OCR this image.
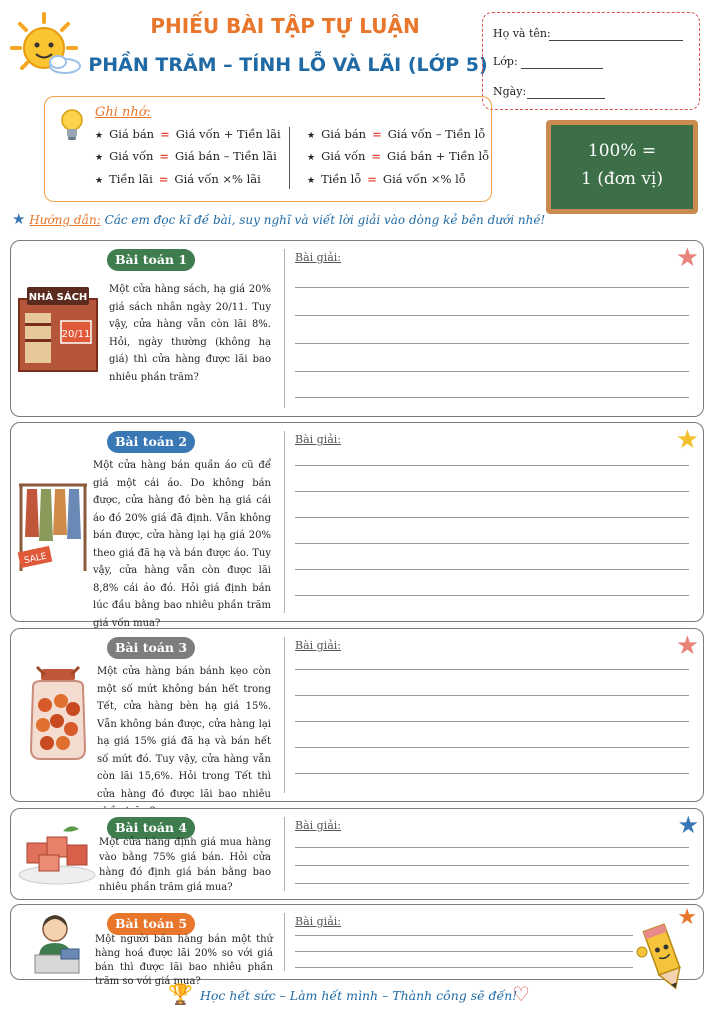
PHIẾU BÀI TẬP TỰ LUẬN
PHẦN TRĂM – TÍNH LỖ VÀ LÃI (LỚP 5)
Họ và tên:
Lớp:
Ngày:
Ghi nhớ:
★ Giá bán = Giá vốn + Tiền lãi
★ Giá vốn = Giá bán – Tiền lãi
★ Tiền lãi = Giá vốn ×% lãi
★ Giá bán = Giá vốn – Tiền lỗ
★ Giá vốn = Giá bán + Tiền lỗ
★ Tiền lỗ = Giá vốn ×% lỗ
100% =
1 (đơn vị)
★ Hướng dẫn: Các em đọc kĩ đề bài, suy nghĩ và viết lời giải vào dòng kẻ bên dưới nhé!
Bài toán 1
NHÀ SÁCH
20/11
Một cửa hàng sách, hạ giá 20% giá sách nhân ngày 20/11. Tuy vậy, cửa hàng vẫn còn lãi 8%. Hỏi, ngày thường (không hạ giá) thì cửa hàng được lãi bao nhiêu phần trăm?
Bài giải:	★
Bài toán 2
SALE
Một cửa hàng bán quần áo cũ để giá một cái áo. Do không bán được, cửa hàng đó bèn hạ giá cái áo đó 20% giá đã định. Vẫn không bán được, cửa hàng lại hạ giá 20% theo giá đã hạ và bán được áo. Tuy vậy, cửa hàng vẫn còn được lãi 8,8% cái áo đó. Hỏi giá định bán lúc đầu bằng bao nhiêu phần trăm giá vốn mua?
Bài giải:	★
Bài toán 3
Một cửa hàng bán bánh kẹo còn một số mứt không bán hết trong Tết, cửa hàng bèn hạ giá 15%. Vẫn không bán được, cửa hàng lại hạ giá 15% giá đã hạ và bán hết số mứt đó. Tuy vậy, cửa hàng vẫn còn lãi 15,6%. Hỏi trong Tết thì cửa hàng đó được lãi bao nhiêu
Bài giải:	★
Bài toán 4
Một cửa hàng định giá mua hàng vào bằng 75% giá bán. Hỏi cửa hàng đó định giá bán bằng bao nhiêu phần trăm giá mua?
Bài giải:	★
Bài toán 5
Một người bán hàng bán một thứ hàng hoá được lãi 20% so với giá bán thì được lãi bao nhiêu phần trăm so với giá mua?
Bài giải:	★
🏆 Học hết sức – Làm hết mình – Thành công sẽ đến!
♡
